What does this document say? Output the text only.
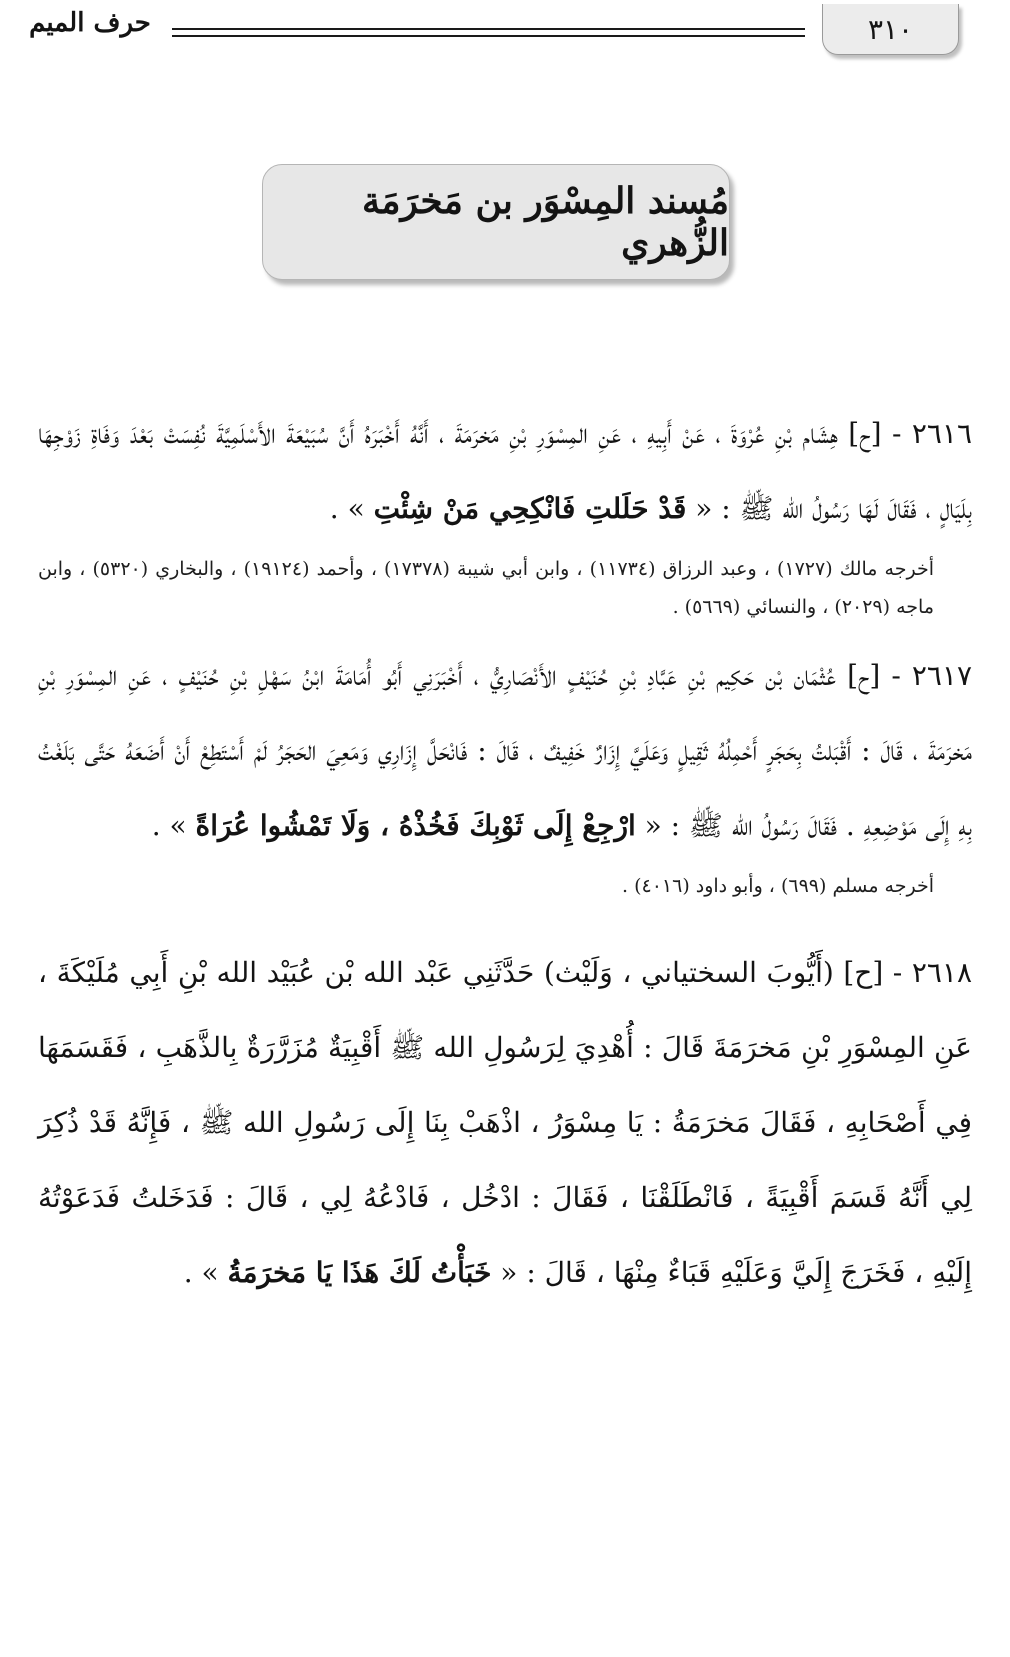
٣١٠
حرف الميم
مُسند المِسْوَر بن مَخرَمَة الزُّهري

٢٦١٦ - [ح] هِشَام بْنِ عُرْوَةَ ، عَنْ أَبِيهِ ، عَنِ المِسْوَرِ بْنِ مَخرَمَةَ ، أَنَّهُ أَخْبَرَهُ أَنَّ سُبَيْعَةَ الأَسْلَمِيَّةَ نُفِسَتْ بَعْدَ وَفَاةِ زَوْجِهَا بِلَيَالٍ ، فَقَالَ لَهَا رَسُولُ الله ﷺ : « قَدْ حَلَلتِ فَانْكِحِي مَنْ شِئْتِ » .

أخرجه مالك (١٧٢٧) ، وعبد الرزاق (١١٧٣٤) ، وابن أبي شيبة (١٧٣٧٨) ، وأحمد (١٩١٢٤) ، والبخاري (٥٣٢٠) ، وابن ماجه (٢٠٢٩) ، والنسائي (٥٦٦٩) .

٢٦١٧ - [ح] عُثْمَان بْن حَكِيم بْنِ عَبَّادِ بْنِ حُنَيْفٍ الأَنْصَارِيُّ ، أَخْبَرَنِي أَبُو أُمَامَةَ ابْنُ سَهْلِ بْنِ حُنَيْفٍ ، عَنِ المِسْوَرِ بْنِ مَخرَمَةَ ، قَالَ : أَقْبَلتُ بِحَجَرٍ أَحْمِلُهُ ثَقِيلٍ وَعَلَيَّ إِزَارٌ خَفِيفٌ ، قَالَ : فَانْحَلَّ إِزَارِي وَمَعِيَ الحَجَرُ لَمْ أَسْتَطِعْ أَنْ أَضَعَهُ حَتَّى بَلَغْتُ بِهِ إِلَى مَوْضِعِهِ . فَقَالَ رَسُولُ الله ﷺ : « ارْجِعْ إِلَى ثَوْبِكَ فَخُذْهُ ، وَلَا تَمْشُوا عُرَاةً » .

أخرجه مسلم (٦٩٩) ، وأبو داود (٤٠١٦) .

٢٦١٨ - [ح] (أَيُّوبَ السختياني ، وَلَيْث) حَدَّثَنِي عَبْد الله بْن عُبَيْد الله بْنِ أَبِي مُلَيْكَةَ ، عَنِ المِسْوَرِ بْنِ مَخرَمَةَ قَالَ : أُهْدِيَ لِرَسُولِ الله ﷺ أَقْبِيَةٌ مُزَرَّرَةٌ بِالذَّهَبِ ، فَقَسَمَهَا فِي أَصْحَابِهِ ، فَقَالَ مَخرَمَةُ : يَا مِسْوَرُ ، اذْهَبْ بِنَا إِلَى رَسُولِ الله ﷺ ، فَإِنَّهُ قَدْ ذُكِرَ لِي أَنَّهُ قَسَمَ أَقْبِيَةً ، فَانْطَلَقْنَا ، فَقَالَ : ادْخُل ، فَادْعُهُ لِي ، قَالَ : فَدَخَلتُ فَدَعَوْتُهُ إِلَيْهِ ، فَخَرَجَ إِلَيَّ وَعَلَيْهِ قَبَاءٌ مِنْهَا ، قَالَ : « خَبَأْتُ لَكَ هَذَا يَا مَخرَمَةُ » .
